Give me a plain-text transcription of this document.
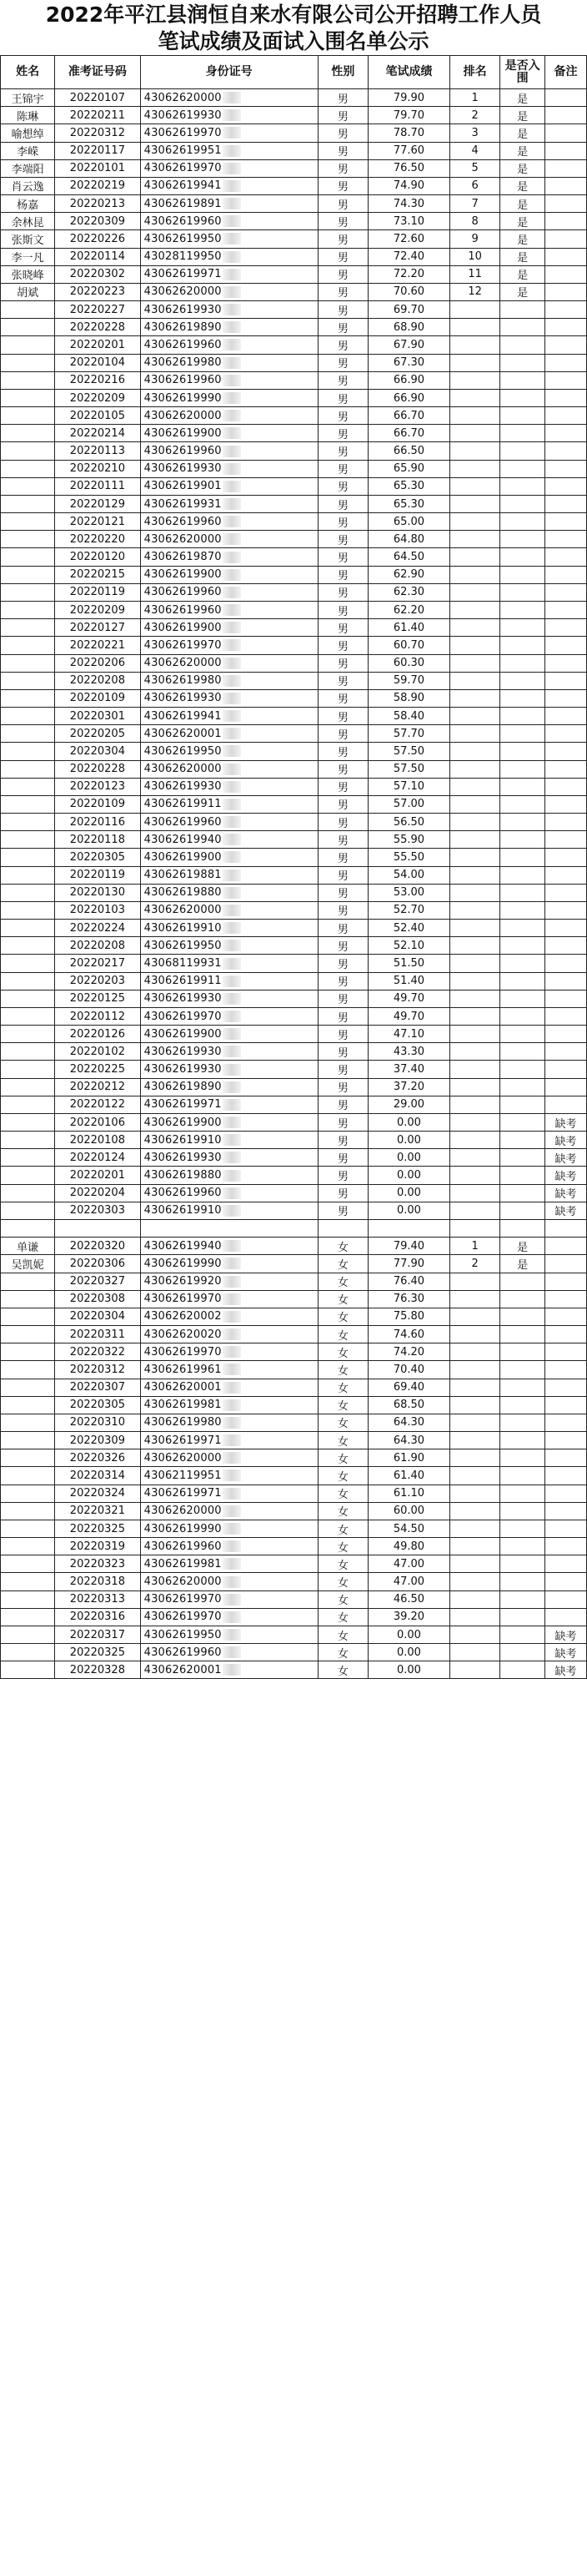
2022年平江县润恒自来水有限公司公开招聘工作人员
笔试成绩及面试入围名单公示
姓名	准考证号码	身份证号	性别	笔试成绩	排名	是否入围	备注
王锦宇	20220107	43062620000	男	79.90	1	是	
陈琳	20220211	43062619930	男	79.70	2	是	
喻想绰	20220312	43062619970	男	78.70	3	是	
李嵘	20220117	43062619951	男	77.60	4	是	
李端阳	20220101	43062619970	男	76.50	5	是	
肖云逸	20220219	43062619941	男	74.90	6	是	
杨嘉	20220213	43062619891	男	74.30	7	是	
余林昆	20220309	43062619960	男	73.10	8	是	
张斯文	20220226	43062619950	男	72.60	9	是	
李一凡	20220114	43028119950	男	72.40	10	是	
张晓峰	20220302	43062619971	男	72.20	11	是	
胡斌	20220223	43062620000	男	70.60	12	是	
	20220227	43062619930	男	69.70			
	20220228	43062619890	男	68.90			
	20220201	43062619960	男	67.90			
	20220104	43062619980	男	67.30			
	20220216	43062619960	男	66.90			
	20220209	43062619990	男	66.90			
	20220105	43062620000	男	66.70			
	20220214	43062619900	男	66.70			
	20220113	43062619960	男	66.50			
	20220210	43062619930	男	65.90			
	20220111	43062619901	男	65.30			
	20220129	43062619931	男	65.30			
	20220121	43062619960	男	65.00			
	20220220	43062620000	男	64.80			
	20220120	43062619870	男	64.50			
	20220215	43062619900	男	62.90			
	20220119	43062619960	男	62.30			
	20220209	43062619960	男	62.20			
	20220127	43062619900	男	61.40			
	20220221	43062619970	男	60.70			
	20220206	43062620000	男	60.30			
	20220208	43062619980	男	59.70			
	20220109	43062619930	男	58.90			
	20220301	43062619941	男	58.40			
	20220205	43062620001	男	57.70			
	20220304	43062619950	男	57.50			
	20220228	43062620000	男	57.50			
	20220123	43062619930	男	57.10			
	20220109	43062619911	男	57.00			
	20220116	43062619960	男	56.50			
	20220118	43062619940	男	55.90			
	20220305	43062619900	男	55.50			
	20220119	43062619881	男	54.00			
	20220130	43062619880	男	53.00			
	20220103	43062620000	男	52.70			
	20220224	43062619910	男	52.40			
	20220208	43062619950	男	52.10			
	20220217	43068119931	男	51.50			
	20220203	43062619911	男	51.40			
	20220125	43062619930	男	49.70			
	20220112	43062619970	男	49.70			
	20220126	43062619900	男	47.10			
	20220102	43062619930	男	43.30			
	20220225	43062619930	男	37.40			
	20220212	43062619890	男	37.20			
	20220122	43062619971	男	29.00			
	20220106	43062619900	男	0.00			缺考
	20220108	43062619910	男	0.00			缺考
	20220124	43062619930	男	0.00			缺考
	20220201	43062619880	男	0.00			缺考
	20220204	43062619960	男	0.00			缺考
	20220303	43062619910	男	0.00			缺考

单谦	20220320	43062619940	女	79.40	1	是	
吴凯妮	20220306	43062619990	女	77.90	2	是	
	20220327	43062619920	女	76.40			
	20220308	43062619970	女	76.30			
	20220304	43062620002	女	75.80			
	20220311	43062620020	女	74.60			
	20220322	43062619970	女	74.20			
	20220312	43062619961	女	70.40			
	20220307	43062620001	女	69.40			
	20220305	43062619981	女	68.50			
	20220310	43062619980	女	64.30			
	20220309	43062619971	女	64.30			
	20220326	43062620000	女	61.90			
	20220314	43062119951	女	61.40			
	20220324	43062619971	女	61.10			
	20220321	43062620000	女	60.00			
	20220325	43062619990	女	54.50			
	20220319	43062619960	女	49.80			
	20220323	43062619981	女	47.00			
	20220318	43062620000	女	47.00			
	20220313	43062619970	女	46.50			
	20220316	43062619970	女	39.20			
	20220317	43062619950	女	0.00			缺考
	20220325	43062619960	女	0.00			缺考
	20220328	43062620001	女	0.00			缺考
